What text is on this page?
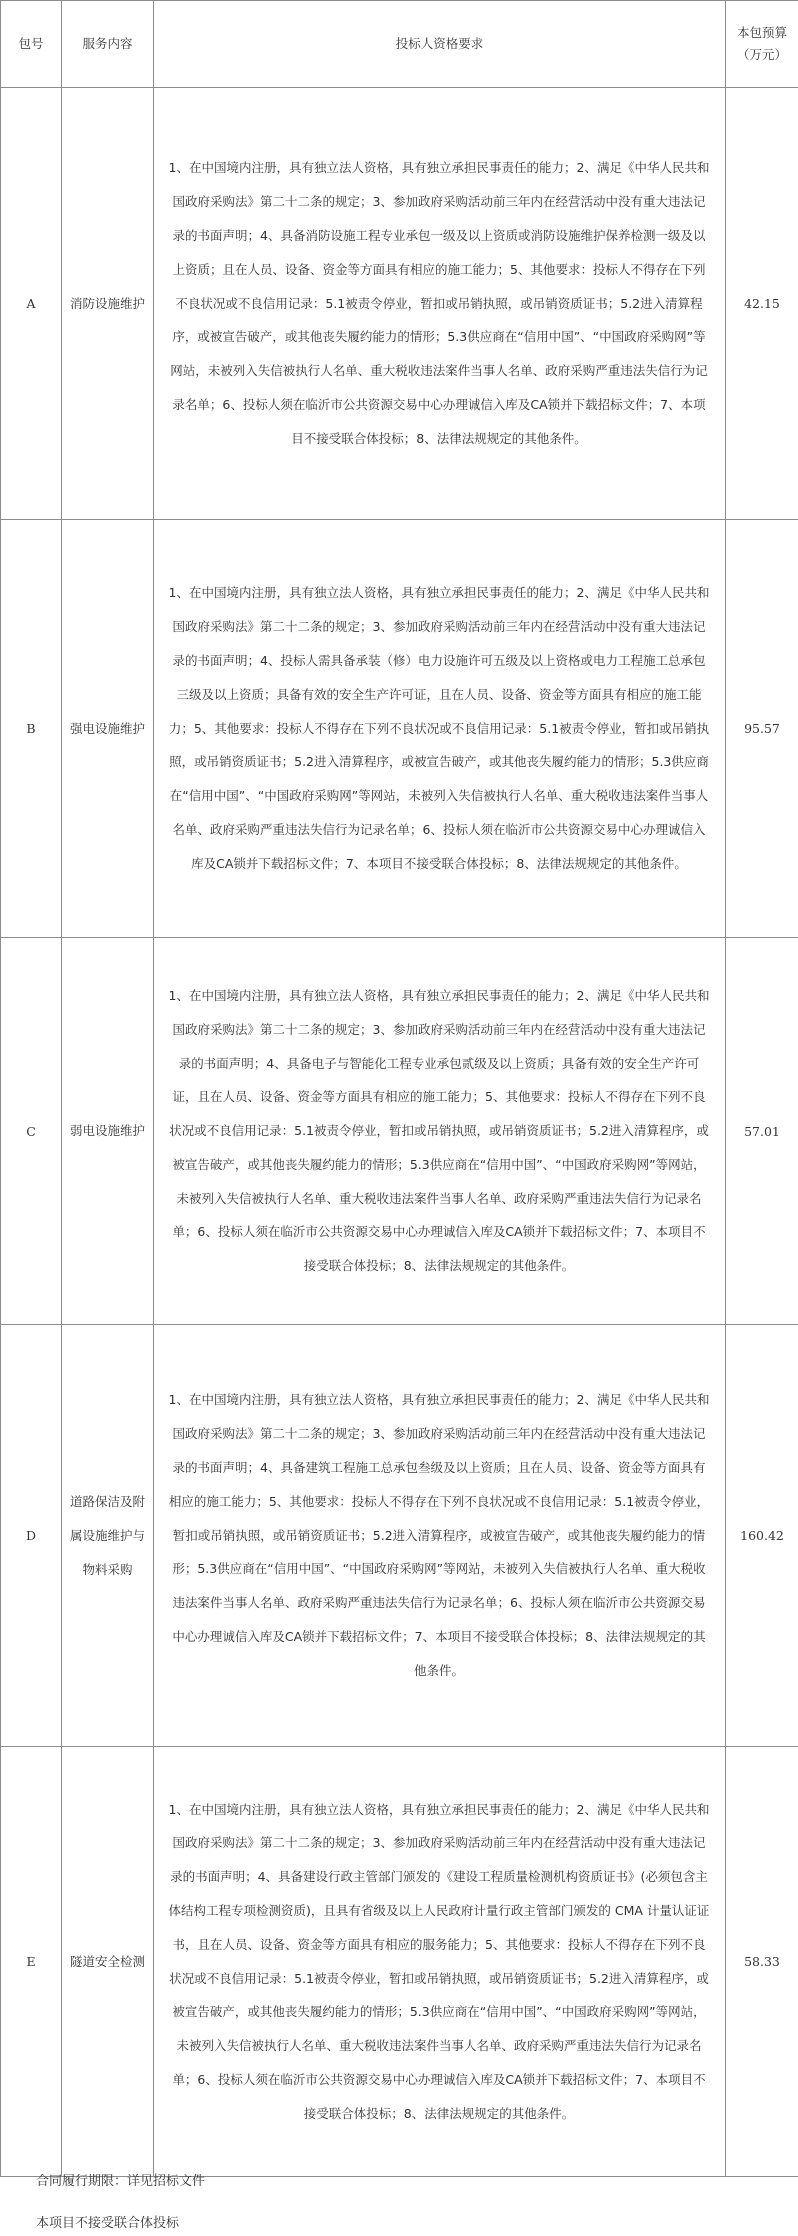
包号	服务内容	投标人资格要求	本包预算（万元）
A	消防设施维护	1、在中国境内注册，具有独立法人资格，具有独立承担民事责任的能力；2、满足《中华人民共和国政府采购法》第二十二条的规定；3、参加政府采购活动前三年内在经营活动中没有重大违法记录的书面声明；4、具备消防设施工程专业承包一级及以上资质或消防设施维护保养检测一级及以上资质；且在人员、设备、资金等方面具有相应的施工能力；5、其他要求：投标人不得存在下列不良状况或不良信用记录：5.1被责令停业，暂扣或吊销执照，或吊销资质证书；5.2进入清算程序，或被宣告破产，或其他丧失履约能力的情形；5.3供应商在“信用中国”、“中国政府采购网”等网站，未被列入失信被执行人名单、重大税收违法案件当事人名单、政府采购严重违法失信行为记录名单；6、投标人须在临沂市公共资源交易中心办理诚信入库及CA锁并下载招标文件；7、本项目不接受联合体投标；8、法律法规规定的其他条件。	42.15
B	强电设施维护	1、在中国境内注册，具有独立法人资格，具有独立承担民事责任的能力；2、满足《中华人民共和国政府采购法》第二十二条的规定；3、参加政府采购活动前三年内在经营活动中没有重大违法记录的书面声明；4、投标人需具备承装（修）电力设施许可五级及以上资格或电力工程施工总承包三级及以上资质；具备有效的安全生产许可证，且在人员、设备、资金等方面具有相应的施工能力；5、其他要求：投标人不得存在下列不良状况或不良信用记录：5.1被责令停业，暂扣或吊销执照，或吊销资质证书；5.2进入清算程序，或被宣告破产，或其他丧失履约能力的情形；5.3供应商在“信用中国”、“中国政府采购网”等网站，未被列入失信被执行人名单、重大税收违法案件当事人名单、政府采购严重违法失信行为记录名单；6、投标人须在临沂市公共资源交易中心办理诚信入库及CA锁并下载招标文件；7、本项目不接受联合体投标；8、法律法规规定的其他条件。	95.57
C	弱电设施维护	1、在中国境内注册，具有独立法人资格，具有独立承担民事责任的能力；2、满足《中华人民共和国政府采购法》第二十二条的规定；3、参加政府采购活动前三年内在经营活动中没有重大违法记录的书面声明；4、具备电子与智能化工程专业承包贰级及以上资质；具备有效的安全生产许可证，且在人员、设备、资金等方面具有相应的施工能力；5、其他要求：投标人不得存在下列不良状况或不良信用记录：5.1被责令停业，暂扣或吊销执照，或吊销资质证书；5.2进入清算程序，或被宣告破产，或其他丧失履约能力的情形；5.3供应商在“信用中国”、“中国政府采购网”等网站，未被列入失信被执行人名单、重大税收违法案件当事人名单、政府采购严重违法失信行为记录名单；6、投标人须在临沂市公共资源交易中心办理诚信入库及CA锁并下载招标文件；7、本项目不接受联合体投标；8、法律法规规定的其他条件。	57.01
D	道路保洁及附属设施维护与物料采购	1、在中国境内注册，具有独立法人资格，具有独立承担民事责任的能力；2、满足《中华人民共和国政府采购法》第二十二条的规定；3、参加政府采购活动前三年内在经营活动中没有重大违法记录的书面声明；4、具备建筑工程施工总承包叁级及以上资质；且在人员、设备、资金等方面具有相应的施工能力；5、其他要求：投标人不得存在下列不良状况或不良信用记录：5.1被责令停业，暂扣或吊销执照，或吊销资质证书；5.2进入清算程序，或被宣告破产，或其他丧失履约能力的情形；5.3供应商在“信用中国”、“中国政府采购网”等网站，未被列入失信被执行人名单、重大税收违法案件当事人名单、政府采购严重违法失信行为记录名单；6、投标人须在临沂市公共资源交易中心办理诚信入库及CA锁并下载招标文件；7、本项目不接受联合体投标；8、法律法规规定的其他条件。	160.42
E	隧道安全检测	1、在中国境内注册，具有独立法人资格，具有独立承担民事责任的能力；2、满足《中华人民共和国政府采购法》第二十二条的规定；3、参加政府采购活动前三年内在经营活动中没有重大违法记录的书面声明；4、具备建设行政主管部门颁发的《建设工程质量检测机构资质证书》(必须包含主体结构工程专项检测资质)，且具有省级及以上人民政府计量行政主管部门颁发的 CMA 计量认证证书，且在人员、设备、资金等方面具有相应的服务能力；5、其他要求：投标人不得存在下列不良状况或不良信用记录：5.1被责令停业，暂扣或吊销执照，或吊销资质证书；5.2进入清算程序，或被宣告破产，或其他丧失履约能力的情形；5.3供应商在“信用中国”、“中国政府采购网”等网站，未被列入失信被执行人名单、重大税收违法案件当事人名单、政府采购严重违法失信行为记录名单；6、投标人须在临沂市公共资源交易中心办理诚信入库及CA锁并下载招标文件；7、本项目不接受联合体投标；8、法律法规规定的其他条件。	58.33
合同履行期限：详见招标文件
本项目不接受联合体投标
